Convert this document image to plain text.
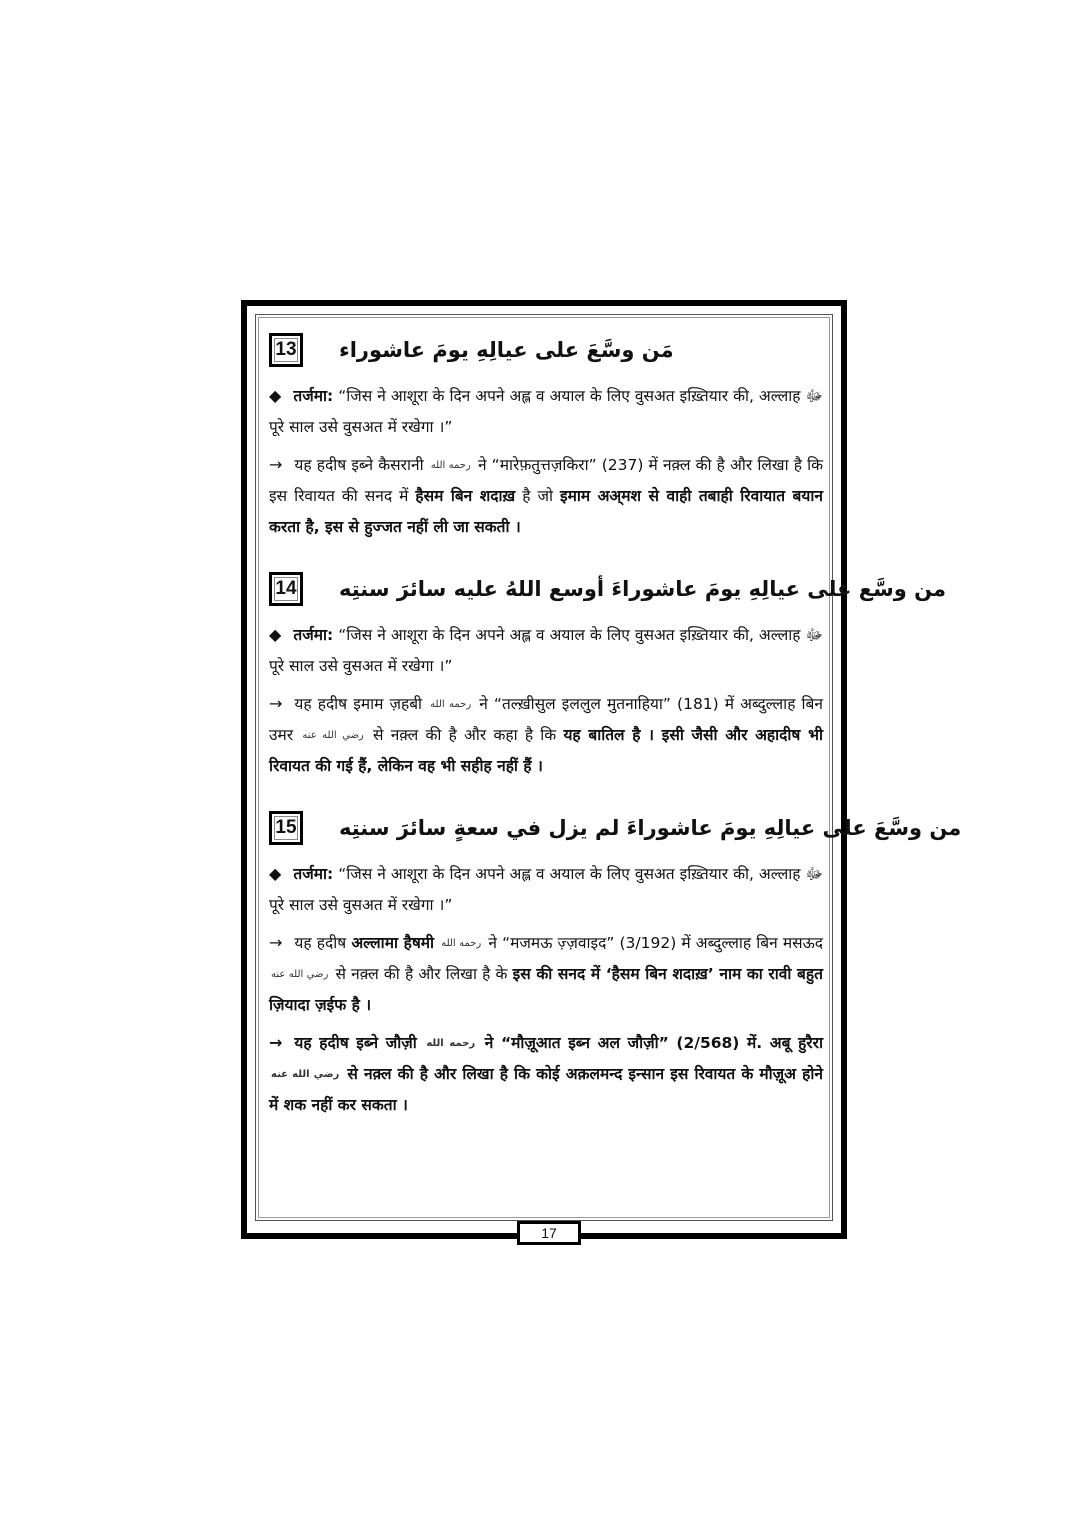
13	مَن وسَّعَ على عيالِهِ يومَ عاشوراء

◆ तर्जमा: “जिस ने आशूरा के दिन अपने अह्ल व अयाल के लिए वुसअत इख़्तियार की, अल्लाह ﷻ पूरे साल उसे वुसअत में रखेगा ।”

→ यह हदीष इब्ने कैसरानी رحمه الله ने “मारेफ़तुत्तज़किरा” (237) में नक़्ल की है और लिखा है कि इस रिवायत की सनद में हैसम बिन शदाख़ है जो इमाम अअ्मश से वाही तबाही रिवायात बयान करता है, इस से हुज्जत नहीं ली जा सकती ।

14	من وسَّع على عيالِهِ يومَ عاشوراءَ أوسع اللهُ عليه سائرَ سنتِه

◆ तर्जमा: “जिस ने आशूरा के दिन अपने अह्ल व अयाल के लिए वुसअत इख़्तियार की, अल्लाह ﷻ पूरे साल उसे वुसअत में रखेगा ।”

→ यह हदीष इमाम ज़हबी رحمه الله ने “तल्ख़ीसुल इललुल मुतनाहिया” (181) में अब्दुल्लाह बिन उमर رضي الله عنه से नक़्ल की है और कहा है कि यह बातिल है । इसी जैसी और अहादीष भी रिवायत की गई हैं, लेकिन वह भी सहीह नहीं हैं ।

15	من وسَّعَ على عيالِهِ يومَ عاشوراءَ لم يزل في سعةٍ سائرَ سنتِه

◆ तर्जमा: “जिस ने आशूरा के दिन अपने अह्ल व अयाल के लिए वुसअत इख़्तियार की, अल्लाह ﷻ पूरे साल उसे वुसअत में रखेगा ।”

→ यह हदीष अल्लामा हैषमी رحمه الله ने “मजमऊ ज़्ज़वाइद” (3/192) में अब्दुल्लाह बिन मसऊद رضي الله عنه से नक़्ल की है और लिखा है के इस की सनद में ‘हैसम बिन शदाख़’ नाम का रावी बहुत ज़ियादा ज़ईफ है ।

→ यह हदीष इब्ने जौज़ी رحمه الله ने “मौज़ूआत इब्न अल जौज़ी” (2/568) में. अबू हुरैरा رضي الله عنه से नक़्ल की है और लिखा है कि कोई अक़लमन्द इन्सान इस रिवायत के मौज़ूअ होने में शक नहीं कर सकता ।

17
